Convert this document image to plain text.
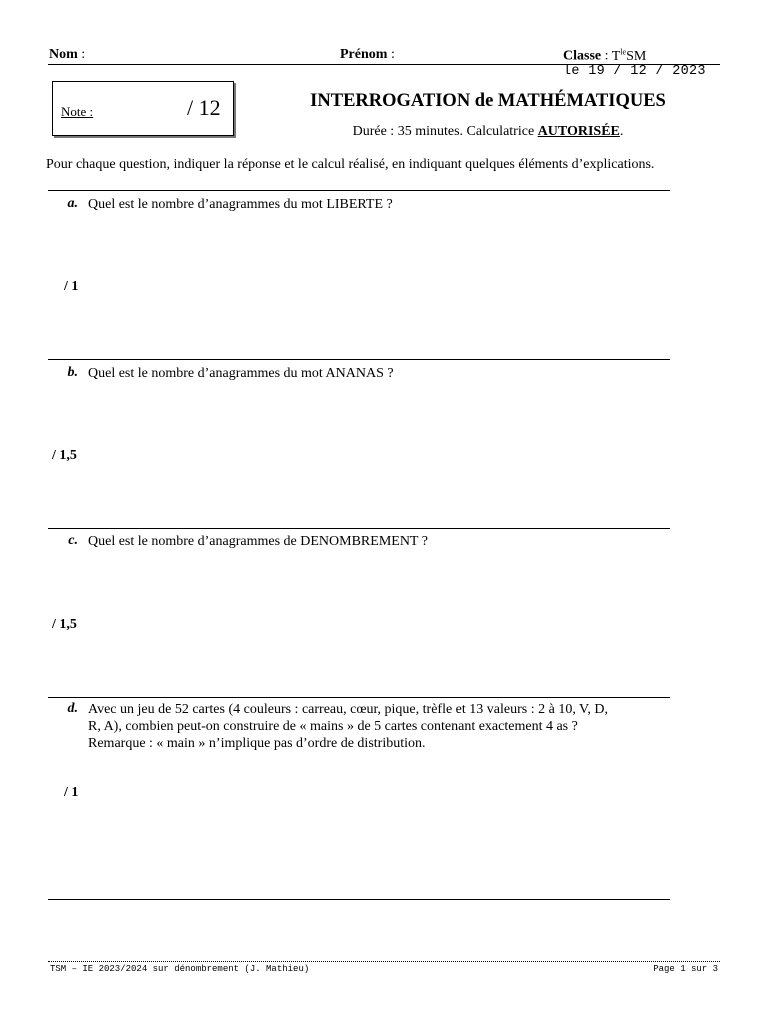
Nom :	Prénom :	Classe : $T^{le}SM$
le 19 / 12 / 2023
Note :	/ 12	INTERROGATION de MATHÉMATIQUES
Durée : 35 minutes. Calculatrice AUTORISÉE.
Pour chaque question, indiquer la réponse et le calcul réalisé, en indiquant quelques éléments d’explications.
a. Quel est le nombre d’anagrammes du mot LIBERTE ?
/ 1
b. Quel est le nombre d’anagrammes du mot ANANAS ?
/ 1,5
c. Quel est le nombre d’anagrammes de DENOMBREMENT ?
/ 1,5
d. Avec un jeu de 52 cartes (4 couleurs : carreau, cœur, pique, trèfle et 13 valeurs : 2 à 10, V, D,
R, A), combien peut-on construire de « mains » de 5 cartes contenant exactement 4 as ?
Remarque : « main » n’implique pas d’ordre de distribution.
/ 1
TSM – IE 2023/2024 sur dénombrement (J. Mathieu)	Page 1 sur 3
